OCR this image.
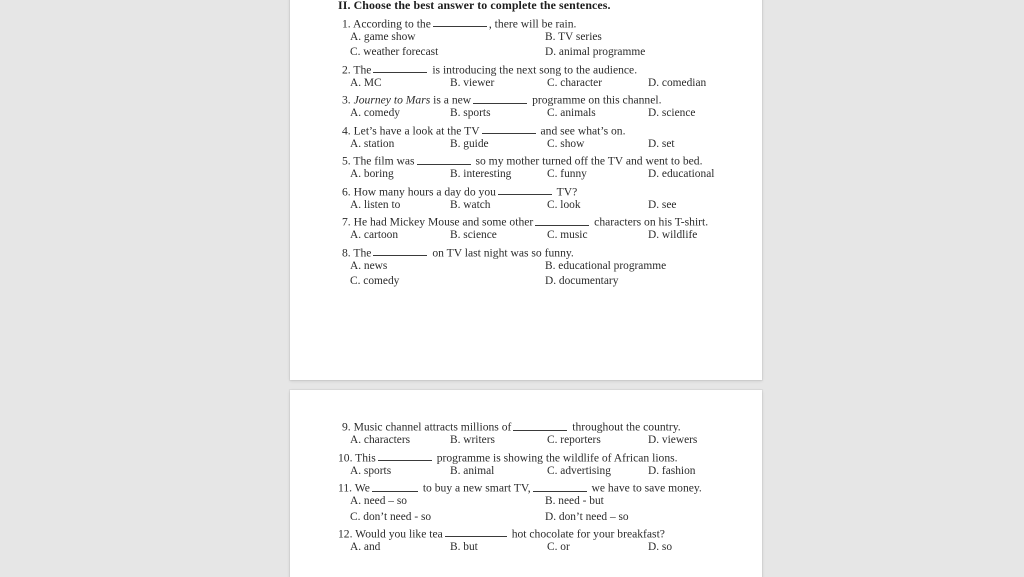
II. Choose the best answer to complete the sentences.
1. According to the	, there will be rain.
A. game show	B. TV series
C. weather forecast	D. animal programme
2. The	is introducing the next song to the audience.
A. MC	B. viewer	C. character	D. comedian
3. Journey to Mars is a new	programme on this channel.
A. comedy	B. sports	C. animals	D. science
4. Let’s have a look at the TV	and see what’s on.
A. station	B. guide	C. show	D. set
5. The film was	so my mother turned off the TV and went to bed.
A. boring	B. interesting	C. funny	D. educational
6. How many hours a day do you	TV?
A. listen to	B. watch	C. look	D. see
7. He had Mickey Mouse and some other	characters on his T-shirt.
A. cartoon	B. science	C. music	D. wildlife
8. The	on TV last night was so funny.
A. news	B. educational programme
C. comedy	D. documentary
9. Music channel attracts millions of	throughout the country.
A. characters	B. writers	C. reporters	D. viewers
10. This	programme is showing the wildlife of African lions.
A. sports	B. animal	C. advertising	D. fashion
11. We	to buy a new smart TV,	we have to save money.
A. need – so	B. need - but
C. don’t need - so	D. don’t need – so
12. Would you like tea	hot chocolate for your breakfast?
A. and	B. but	C. or	D. so
